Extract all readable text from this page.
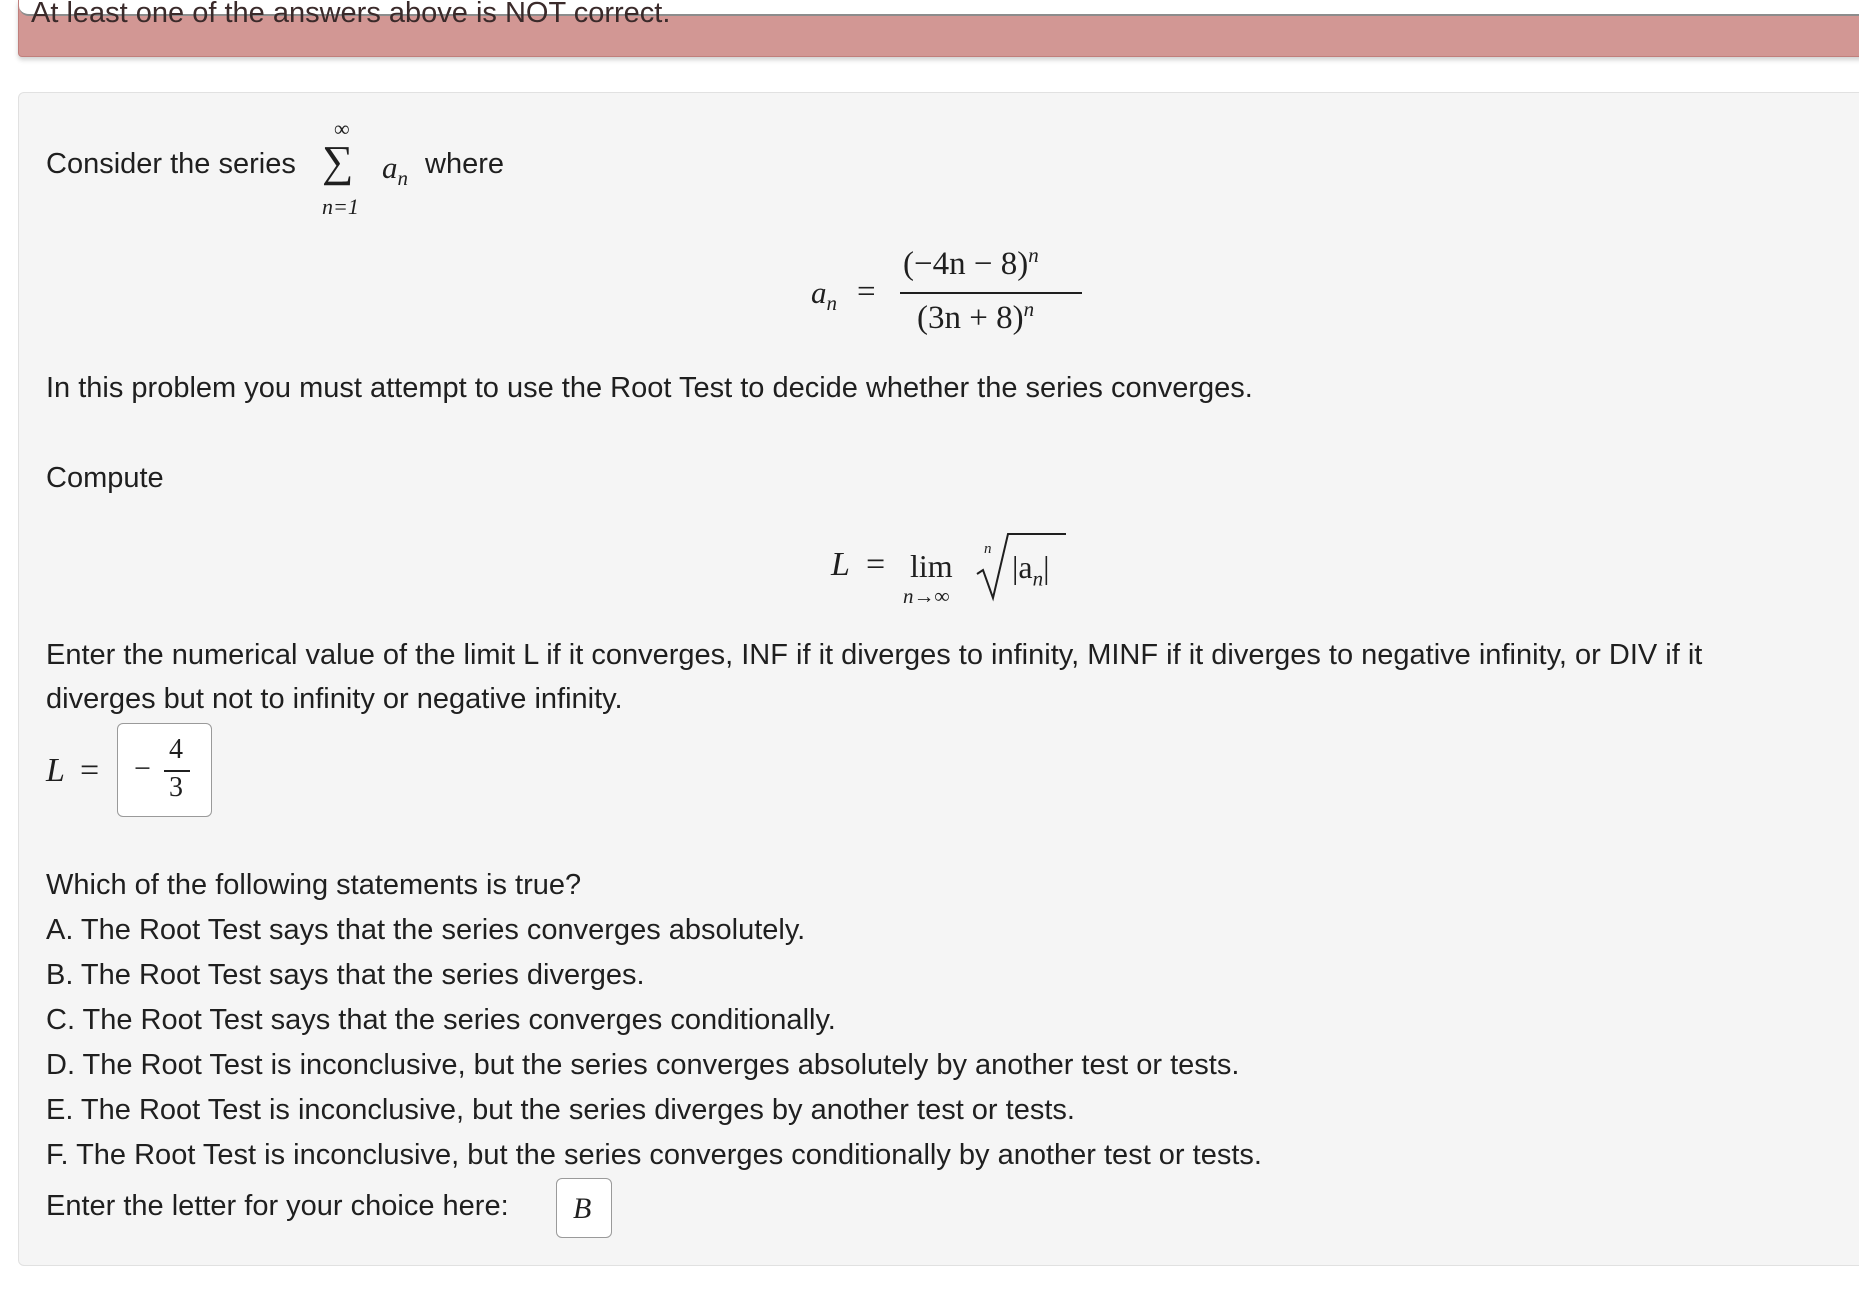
At least one of the answers above is NOT correct.
Consider the series
∞
∑
n=1
$a_n$ where
$a_n$ =
$(-4n - 8)^n$
$(3n + 8)^n$
In this problem you must attempt to use the Root Test to decide whether the series converges.
Compute
L = lim
n→∞
n $|a_n|$
Enter the numerical value of the limit L if it converges, INF if it diverges to infinity, MINF if it diverges to negative infinity, or DIV if it
diverges but not to infinity or negative infinity.
L = −
4
3
Which of the following statements is true?
A. The Root Test says that the series converges absolutely.
B. The Root Test says that the series diverges.
C. The Root Test says that the series converges conditionally.
D. The Root Test is inconclusive, but the series converges absolutely by another test or tests.
E. The Root Test is inconclusive, but the series diverges by another test or tests.
F. The Root Test is inconclusive, but the series converges conditionally by another test or tests.
Enter the letter for your choice here: B
